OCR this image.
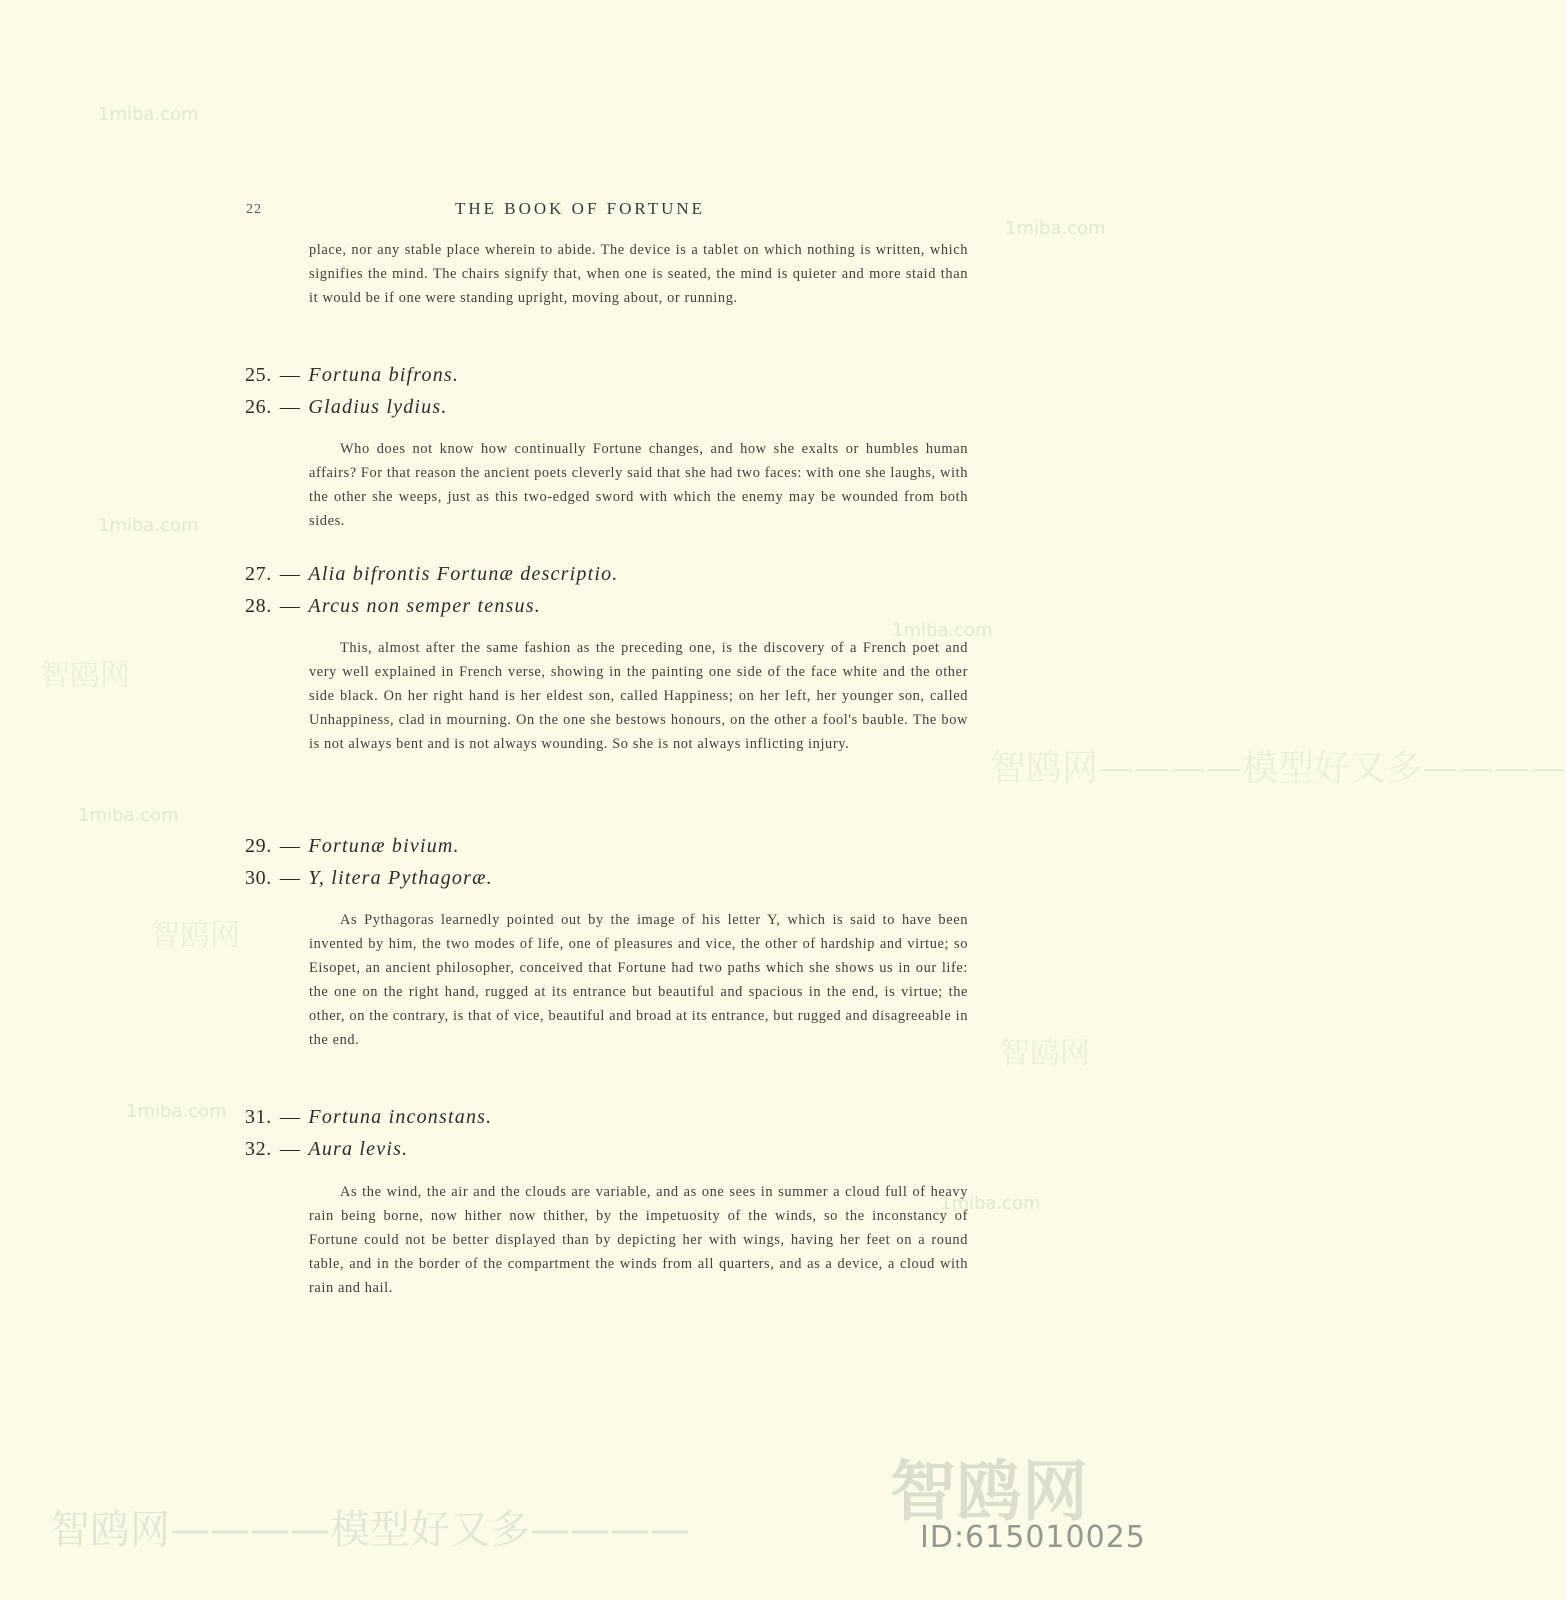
22	THE BOOK OF FORTUNE

place, nor any stable place wherein to abide. The device is a tablet on which nothing is written, which signifies the mind. The chairs signify that, when one is seated, the mind is quieter and more staid than it would be if one were standing upright, moving about, or running.

25. — Fortuna bifrons.
26. — Gladius lydius.

Who does not know how continually Fortune changes, and how she exalts or humbles human affairs? For that reason the ancient poets cleverly said that she had two faces: with one she laughs, with the other she weeps, just as this two-edged sword with which the enemy may be wounded from both sides.

27. — Alia bifrontis Fortunæ descriptio.
28. — Arcus non semper tensus.

This, almost after the same fashion as the preceding one, is the discovery of a French poet and very well explained in French verse, showing in the painting one side of the face white and the other side black. On her right hand is her eldest son, called Happiness; on her left, her younger son, called Unhappiness, clad in mourning. On the one she bestows honours, on the other a fool's bauble. The bow is not always bent and is not always wounding. So she is not always inflicting injury.

29. — Fortunæ bivium.
30. — Y, litera Pythagoræ.

As Pythagoras learnedly pointed out by the image of his letter Y, which is said to have been invented by him, the two modes of life, one of pleasures and vice, the other of hardship and virtue; so Eisopet, an ancient philosopher, conceived that Fortune had two paths which she shows us in our life: the one on the right hand, rugged at its entrance but beautiful and spacious in the end, is virtue; the other, on the contrary, is that of vice, beautiful and broad at its entrance, but rugged and disagreeable in the end.

31. — Fortuna inconstans.
32. — Aura levis.

As the wind, the air and the clouds are variable, and as one sees in summer a cloud full of heavy rain being borne, now hither now thither, by the impetuosity of the winds, so the inconstancy of Fortune could not be better displayed than by depicting her with wings, having her feet on a round table, and in the border of the compartment the winds from all quarters, and as a device, a cloud with rain and hail.

1miba.com
1miba.com
1miba.com
1miba.com
1miba.com
1miba.com
1miba.com
智鸥网
智鸥网
智鸥网
智鸥网————模型好又多————
智鸥网————模型好又多————	智鸥网
ID:615010025
